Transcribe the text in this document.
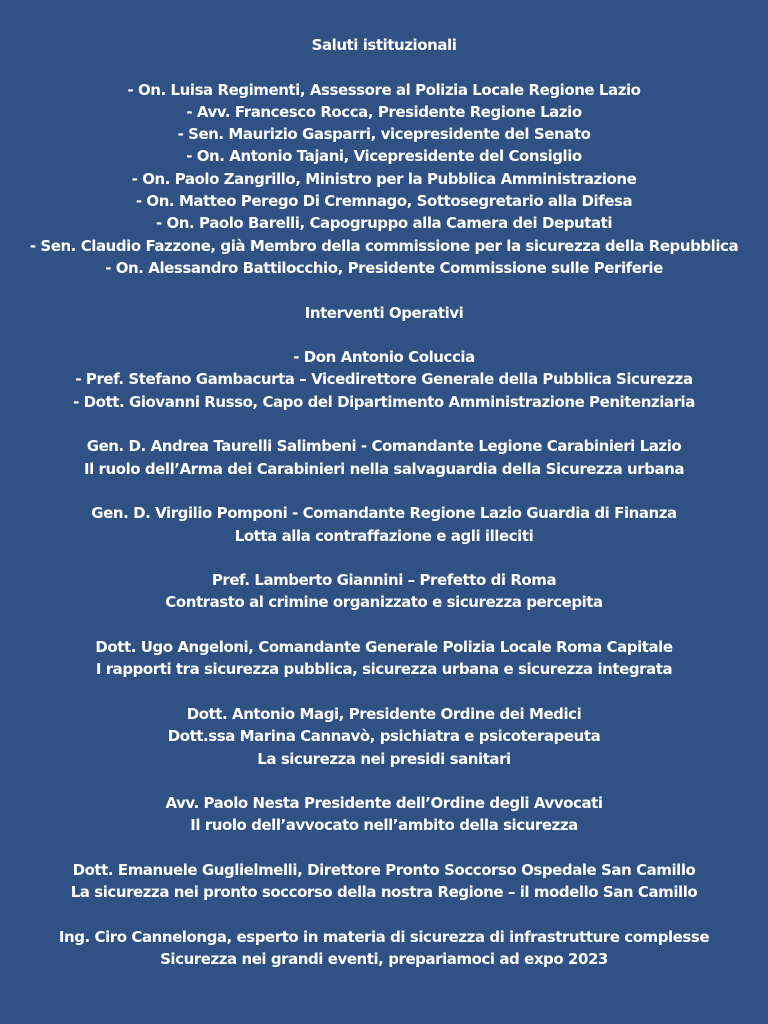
Saluti istituzionali
- On. Luisa Regimenti, Assessore al Polizia Locale Regione Lazio
- Avv. Francesco Rocca, Presidente Regione Lazio
- Sen. Maurizio Gasparri, vicepresidente del Senato
- On. Antonio Tajani, Vicepresidente del Consiglio
- On. Paolo Zangrillo, Ministro per la Pubblica Amministrazione
- On. Matteo Perego Di Cremnago, Sottosegretario alla Difesa
- On. Paolo Barelli, Capogruppo alla Camera dei Deputati
- Sen. Claudio Fazzone, già Membro della commissione per la sicurezza della Repubblica
- On. Alessandro Battilocchio, Presidente Commissione sulle Periferie
Interventi Operativi
- Don Antonio Coluccia
- Pref. Stefano Gambacurta – Vicedirettore Generale della Pubblica Sicurezza
- Dott. Giovanni Russo, Capo del Dipartimento Amministrazione Penitenziaria
Gen. D. Andrea Taurelli Salimbeni - Comandante Legione Carabinieri Lazio
Il ruolo dell’Arma dei Carabinieri nella salvaguardia della Sicurezza urbana
Gen. D. Virgilio Pomponi - Comandante Regione Lazio Guardia di Finanza
Lotta alla contraffazione e agli illeciti
Pref. Lamberto Giannini – Prefetto di Roma
Contrasto al crimine organizzato e sicurezza percepita
Dott. Ugo Angeloni, Comandante Generale Polizia Locale Roma Capitale
I rapporti tra sicurezza pubblica, sicurezza urbana e sicurezza integrata
Dott. Antonio Magi, Presidente Ordine dei Medici
Dott.ssa Marina Cannavò, psichiatra e psicoterapeuta
La sicurezza nei presidi sanitari
Avv. Paolo Nesta Presidente dell’Ordine degli Avvocati
Il ruolo dell’avvocato nell’ambito della sicurezza
Dott. Emanuele Guglielmelli, Direttore Pronto Soccorso Ospedale San Camillo
La sicurezza nei pronto soccorso della nostra Regione – il modello San Camillo
Ing. Ciro Cannelonga, esperto in materia di sicurezza di infrastrutture complesse
Sicurezza nei grandi eventi, prepariamoci ad expo 2023
